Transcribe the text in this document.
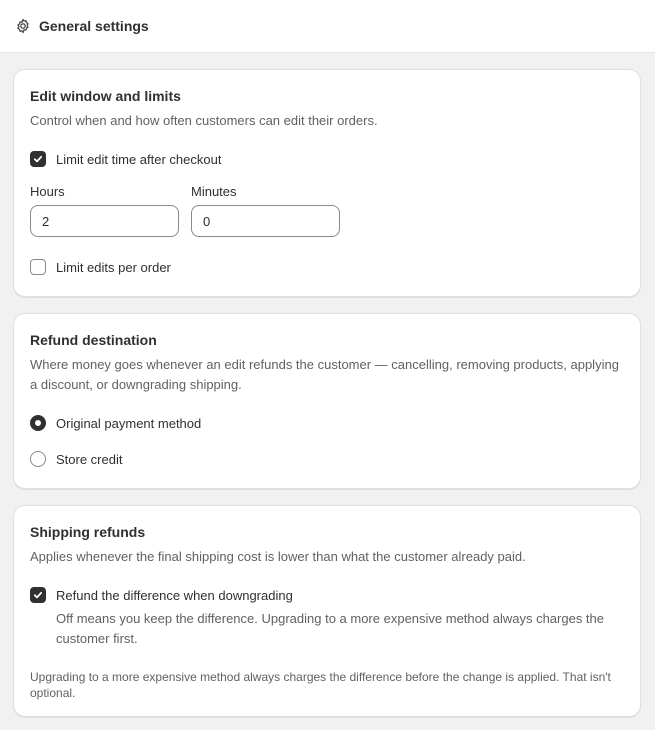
General settings
Edit window and limits
Control when and how often customers can edit their orders.
Limit edit time after checkout
Hours	Minutes
2
0
Limit edits per order
Refund destination
Where money goes whenever an edit refunds the customer — cancelling, removing products, applying a discount, or downgrading shipping.
Original payment method
Store credit
Shipping refunds
Applies whenever the final shipping cost is lower than what the customer already paid.
Refund the difference when downgrading
Off means you keep the difference. Upgrading to a more expensive method always charges the customer first.
Upgrading to a more expensive method always charges the difference before the change is applied. That isn't optional.
